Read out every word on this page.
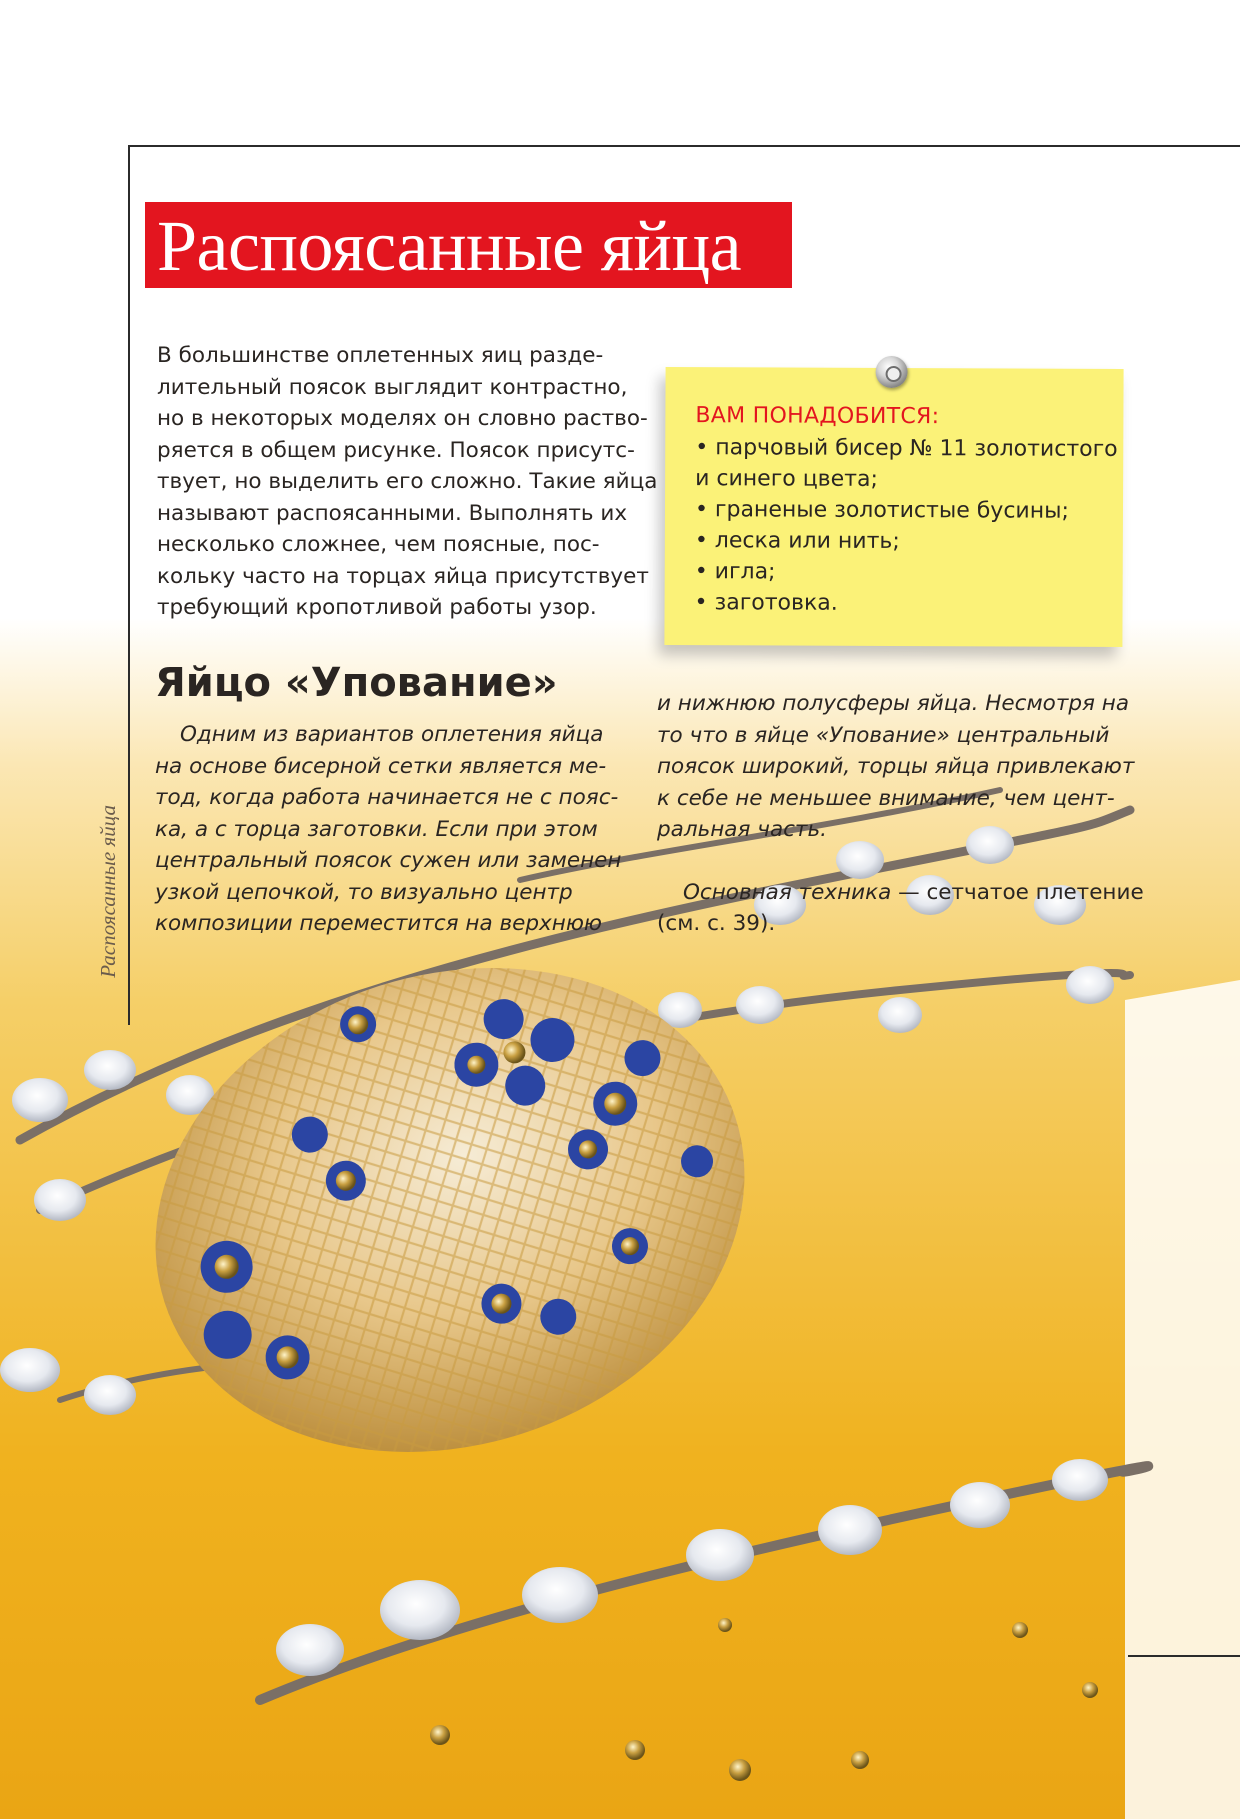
Распоясанные яйца
В большинстве оплетенных яиц разде-
лительный поясок выглядит контрастно,
но в некоторых моделях он словно раство-
ряется в общем рисунке. Поясок присутс-
твует, но выделить его сложно. Такие яйца
называют распоясанными. Выполнять их
несколько сложнее, чем поясные, пос-
кольку часто на торцах яйца присутствует
требующий кропотливой работы узор.
ВАМ ПОНАДОБИТСЯ:
• парчовый бисер № 11 золотистого
и синего цвета;
• граненые золотистые бусины;
• леска или нить;
• игла;
• заготовка.
Яйцо «Упование»
Одним из вариантов оплетения яйца
на основе бисерной сетки является ме-
тод, когда работа начинается не с пояс-
ка, а с торца заготовки. Если при этом
центральный поясок сужен или заменен
узкой цепочкой, то визуально центр
композиции переместится на верхнюю
и нижнюю полусферы яйца. Несмотря на
то что в яйце «Упование» центральный
поясок широкий, торцы яйца привлекают
к себе не меньшее внимание, чем цент-
ральная часть.
Основная техника — сетчатое плетение
(см. с. 39).
Распоясанные яйца
